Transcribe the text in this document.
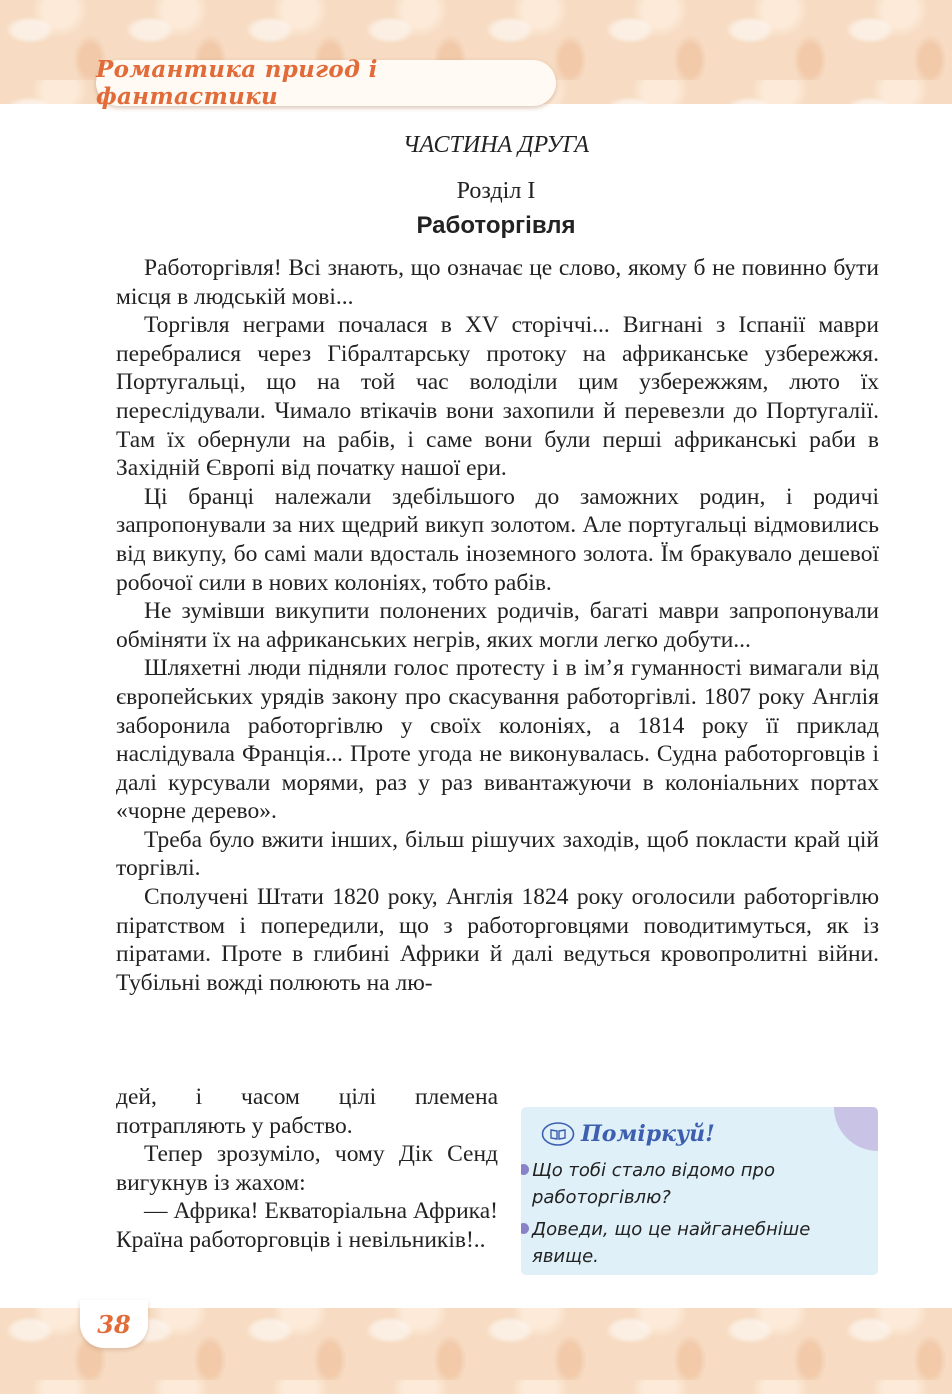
Романтика пригод і фантастики
ЧАСТИНА ДРУГА
Розділ I
Работоргівля

Работоргівля! Всі знають, що означає це слово, якому б не повинно бути місця в людській мові...

Торгівля неграми почалася в XV сторіччі... Вигнані з Іспанії маври перебралися через Гібралтарську протоку на африканське узбережжя. Португальці, що на той час володіли цим узбережжям, люто їх переслідували. Чимало втікачів вони захопили й перевезли до Португалії. Там їх обернули на рабів, і саме вони були перші африканські раби в Західній Європі від початку нашої ери.

Ці бранці належали здебільшого до заможних родин, і родичі запропонували за них щедрий викуп золотом. Але португальці відмовились від викупу, бо самі мали вдосталь іноземного золота. Їм бракувало дешевої робочої сили в нових колоніях, тобто рабів.

Не зумівши викупити полонених родичів, багаті маври запропонували обміняти їх на африканських негрів, яких могли легко добути...

Шляхетні люди підняли голос протесту і в ім’я гуманності вимагали від європейських урядів закону про скасування работоргівлі. 1807 року Англія заборонила работоргівлю у своїх колоніях, а 1814 року її приклад наслідувала Франція... Проте угода не виконувалась. Судна работорговців і далі курсували морями, раз у раз вивантажуючи в колоніальних портах «чорне дерево».

Треба було вжити інших, більш рішучих заходів, щоб покласти край цій торгівлі.

Сполучені Штати 1820 року, Англія 1824 року оголосили работоргівлю піратством і попередили, що з работорговцями поводитимуться, як із піратами. Проте в глибині Африки й далі ведуться кровопролитні війни. Тубільні вожді полюють на лю-

дей, і часом цілі племена потрапляють у рабство.

Тепер зрозуміло, чому Дік Сенд вигукнув із жахом:

— Африка! Екваторіальна Африка! Країна работорговців і невільників!..

Поміркуй!
Що тобі стало відомо про работоргівлю?
Доведи, що це найганебніше явище.
38
